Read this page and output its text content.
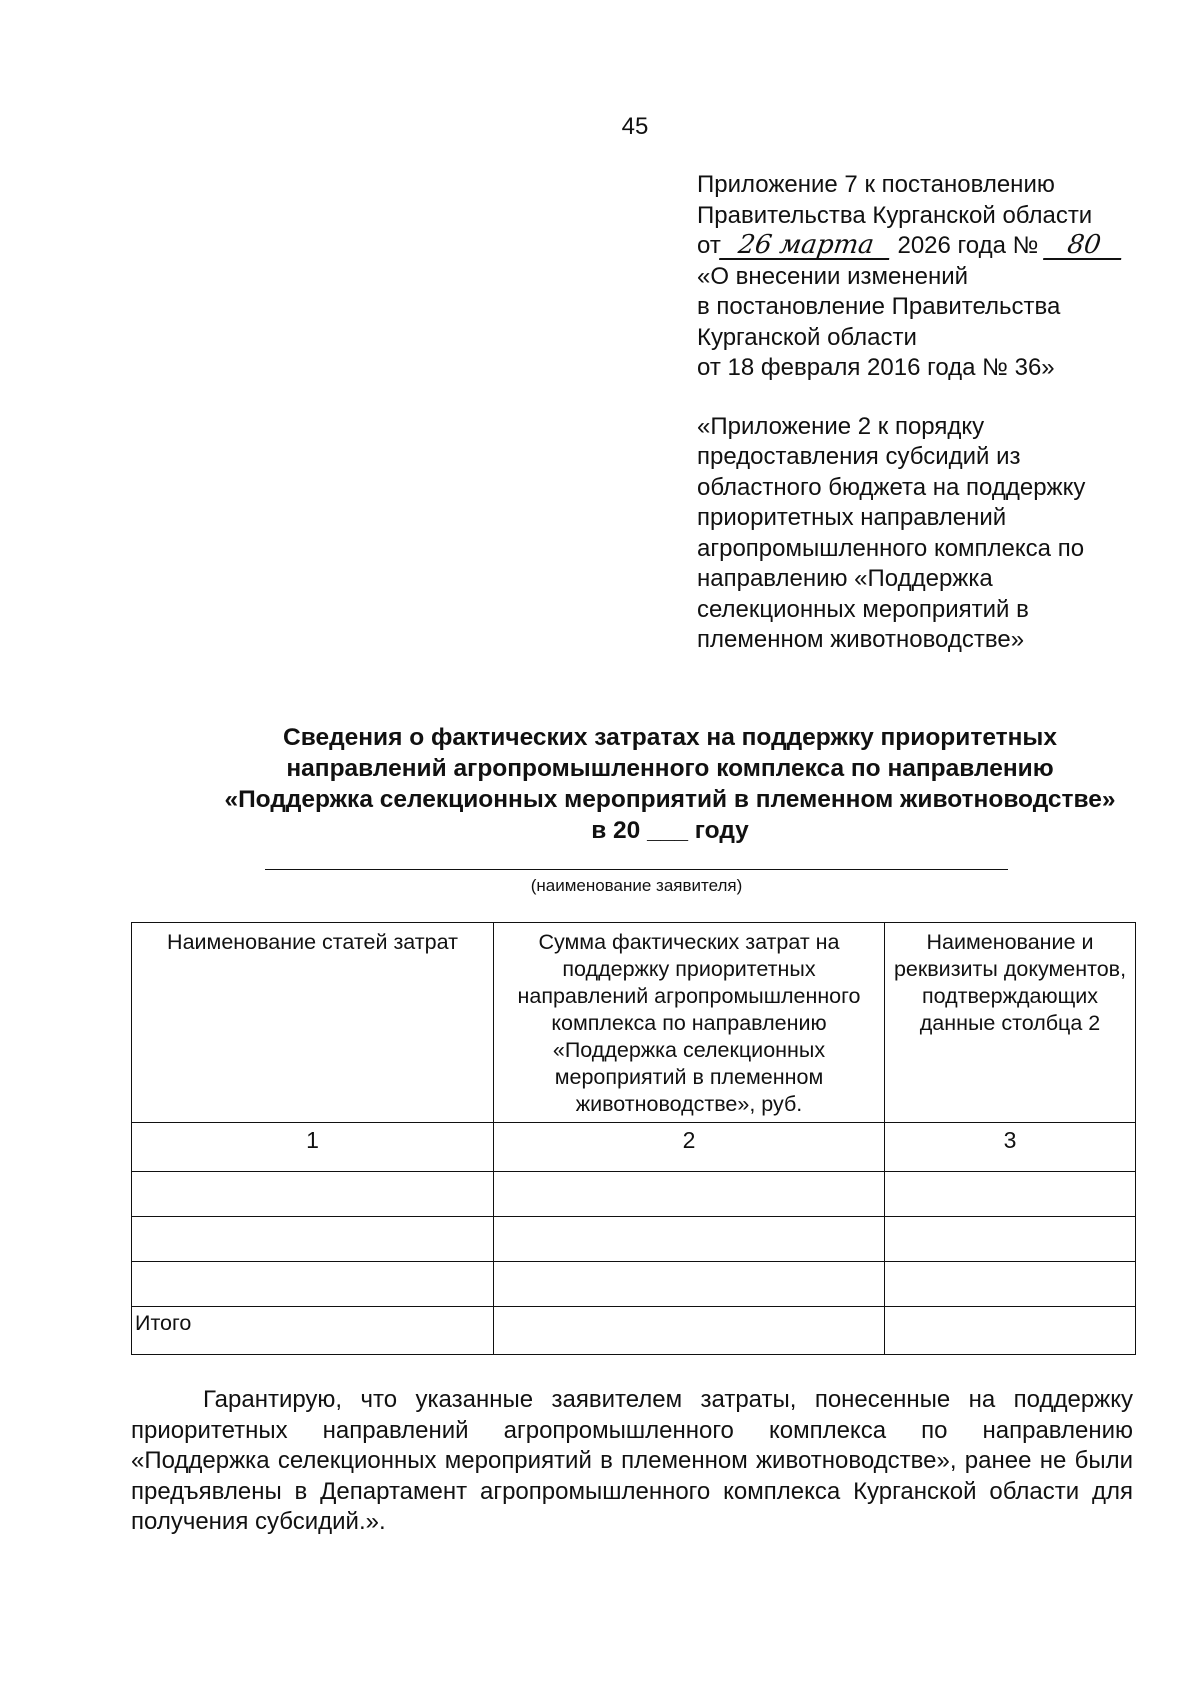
45
Приложение 7 к постановлению
Правительства Курганской области
от 26 марта 2026 года № 80
«О внесении изменений
в постановление Правительства
Курганской области
от 18 февраля 2016 года № 36»
«Приложение 2 к порядку
предоставления субсидий из
областного бюджета на поддержку
приоритетных направлений
агропромышленного комплекса по
направлению «Поддержка
селекционных мероприятий в
племенном животноводстве»
Сведения о фактических затратах на поддержку приоритетных
направлений агропромышленного комплекса по направлению
«Поддержка селекционных мероприятий в племенном животноводстве»
в 20 ___ году
(наименование заявителя)
Наименование статей затрат	Сумма фактических затрат на поддержку приоритетных направлений агропромышленного комплекса по направлению «Поддержка селекционных мероприятий в племенном животноводстве», руб.	Наименование и реквизиты документов, подтверждающих данные столбца 2
1	2	3

Итого		
Гарантирую, что указанные заявителем затраты, понесенные на поддержку приоритетных направлений агропромышленного комплекса по направлению «Поддержка селекционных мероприятий в племенном животноводстве», ранее не были предъявлены в Департамент агропромышленного комплекса Курганской области для получения субсидий.».
